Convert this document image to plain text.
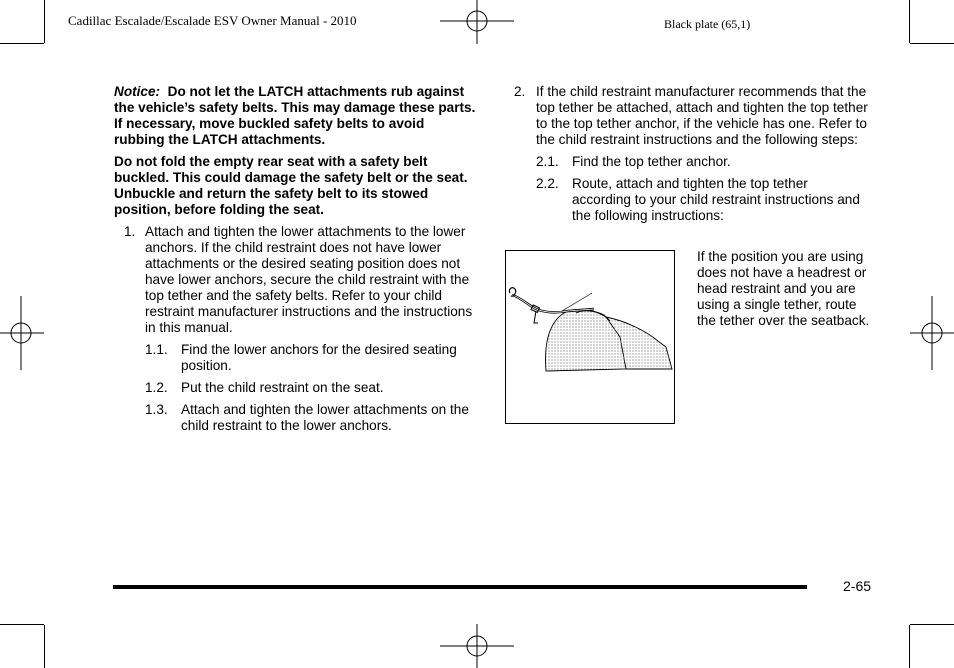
Cadillac Escalade/Escalade ESV Owner Manual - 2010	Black plate (65,1)

Notice: Do not let the LATCH attachments rub against the vehicle’s safety belts. This may damage these parts. If necessary, move buckled safety belts to avoid rubbing the LATCH attachments.

Do not fold the empty rear seat with a safety belt buckled. This could damage the safety belt or the seat. Unbuckle and return the safety belt to its stowed position, before folding the seat.

1. Attach and tighten the lower attachments to the lower anchors. If the child restraint does not have lower attachments or the desired seating position does not have lower anchors, secure the child restraint with the top tether and the safety belts. Refer to your child restraint manufacturer instructions and the instructions in this manual.
1.1. Find the lower anchors for the desired seating position.
1.2. Put the child restraint on the seat.
1.3. Attach and tighten the lower attachments on the child restraint to the lower anchors.
2. If the child restraint manufacturer recommends that the top tether be attached, attach and tighten the top tether to the top tether anchor, if the vehicle has one. Refer to the child restraint instructions and the following steps:
2.1. Find the top tether anchor.
2.2. Route, attach and tighten the top tether according to your child restraint instructions and the following instructions:
If the position you are using does not have a headrest or head restraint and you are using a single tether, route the tether over the seatback.
2-65
